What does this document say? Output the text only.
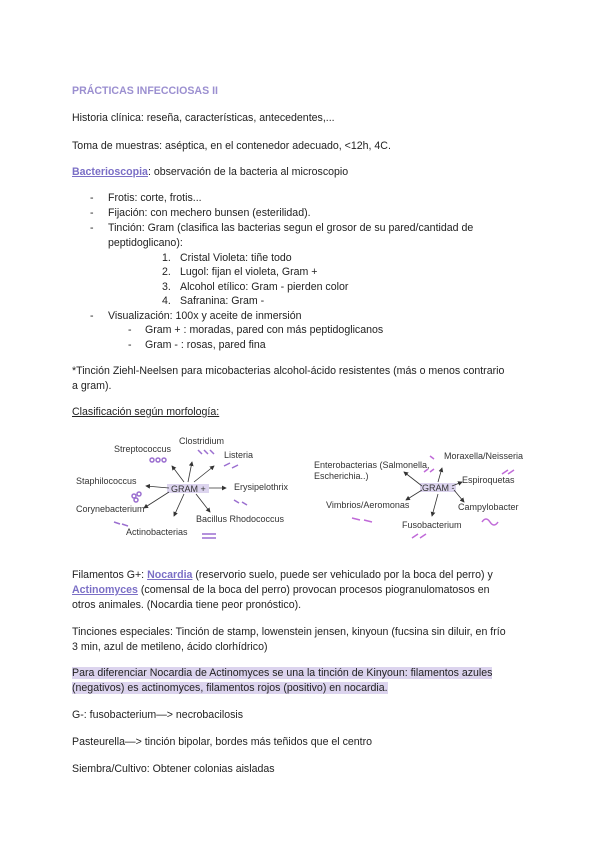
PRÁCTICAS INFECCIOSAS II
Historia clínica: reseña, características, antecedentes,...
Toma de muestras: aséptica, en el contenedor adecuado, <12h, 4C.
Bacterioscopia: observación de la bacteria al microscopio
- Frotis: corte, frotis...
- Fijación: con mechero bunsen (esterilidad).
- Tinción: Gram (clasifica las bacterias segun el grosor de su pared/cantidad de
peptidoglicano):
1. Cristal Violeta: tiñe todo
2. Lugol: fijan el violeta, Gram +
3. Alcohol etílico: Gram - pierden color
4. Safranina: Gram -
- Visualización: 100x y aceite de inmersión
- Gram + : moradas, pared con más peptidoglicanos
- Gram - : rosas, pared fina
*Tinción Ziehl-Neelsen para micobacterias alcohol-ácido resistentes (más o menos contrario
a gram).
Clasificación según morfología:
GRAM +
Clostridium
Streptococcus
Listeria
Staphilococcus
Erysipelothrix
Corynebacterium
Bacillus Rhodococcus
Actinobacterias
GRAM -
Enterobacterias (Salmonella,
Escherichia..)
Moraxella/Neisseria
Espiroquetas
Vimbrios/Aeromonas	Campylobacter
Fusobacterium
Filamentos G+: Nocardia (reservorio suelo, puede ser vehiculado por la boca del perro) y
Actinomyces (comensal de la boca del perro) provocan procesos piogranulomatosos en
otros animales. (Nocardia tiene peor pronóstico).
Tinciones especiales: Tinción de stamp, lowenstein jensen, kinyoun (fucsina sin diluir, en frío
3 min, azul de metileno, ácido clorhídrico)
Para diferenciar Nocardia de Actinomyces se una la tinción de Kinyoun: filamentos azules
(negativos) es actinomyces, filamentos rojos (positivo) en nocardia.
G-: fusobacterium—> necrobacilosis
Pasteurella—> tinción bipolar, bordes más teñidos que el centro
Siembra/Cultivo: Obtener colonias aisladas
